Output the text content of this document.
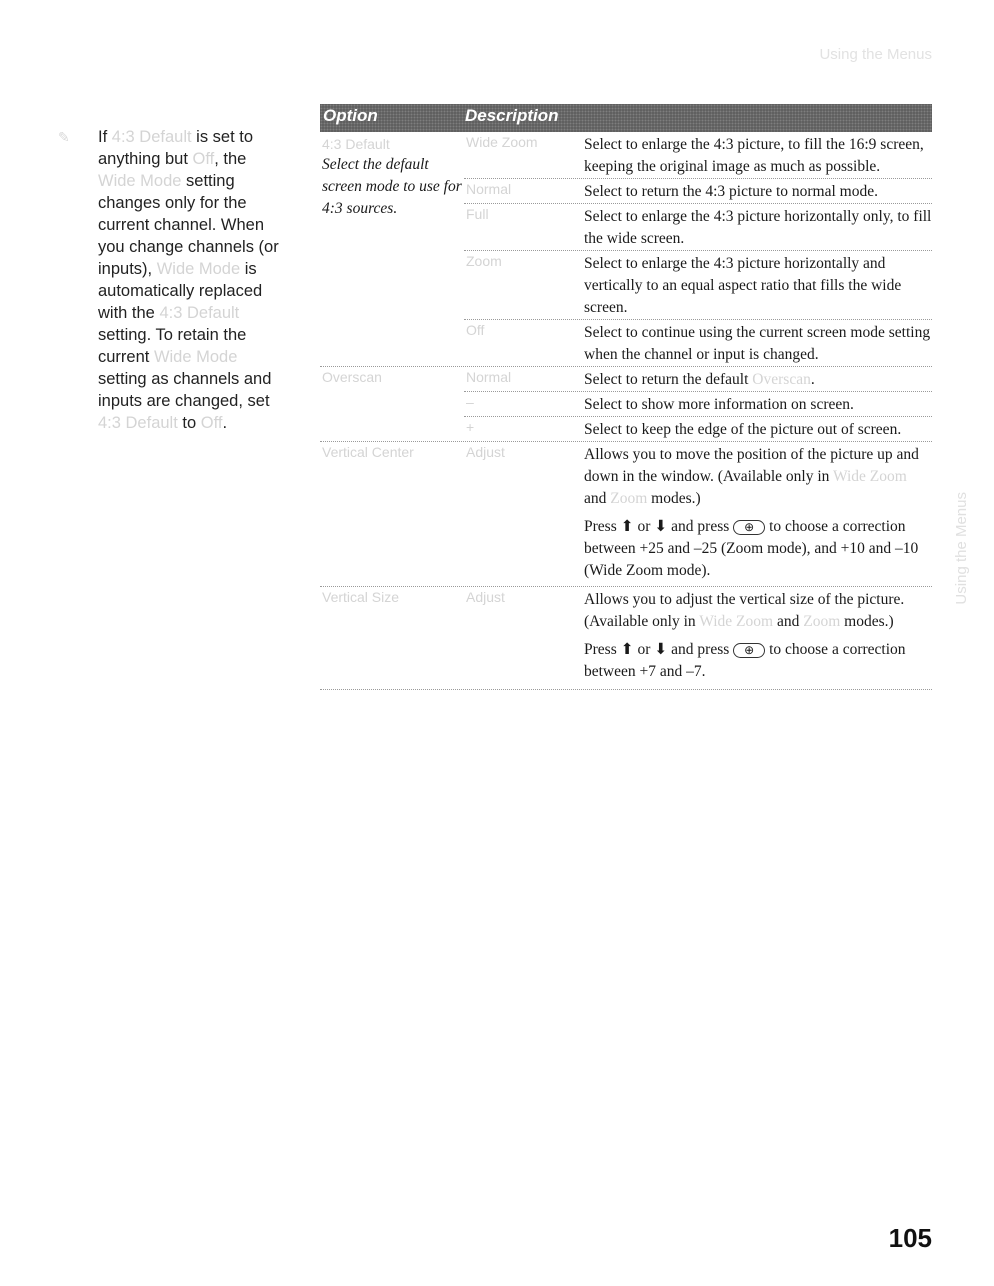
Using the Menus
Using the Menus
✎ If 4:3 Default is set to anything but Off, the Wide Mode setting changes only for the current channel. When you change channels (or inputs), Wide Mode is automatically replaced with the 4:3 Default setting. To retain the current Wide Mode setting as channels and inputs are changed, set 4:3 Default to Off.

Option	Description
4:3 Default
Select the default screen mode to use for 4:3 sources.
Wide Zoom	Select to enlarge the 4:3 picture, to fill the 16:9 screen, keeping the original image as much as possible.
Normal	Select to return the 4:3 picture to normal mode.
Full	Select to enlarge the 4:3 picture horizontally only, to fill the wide screen.
Zoom	Select to enlarge the 4:3 picture horizontally and vertically to an equal aspect ratio that fills the wide screen.
Off	Select to continue using the current screen mode setting when the channel or input is changed.
Overscan	Normal	Select to return the default Overscan.
–	Select to show more information on screen.
+	Select to keep the edge of the picture out of screen.
Vertical Center	Adjust	Allows you to move the position of the picture up and down in the window. (Available only in Wide Zoom and Zoom modes.)

Press ⬆ or ⬇ and press ⊕ to choose a correction between +25 and –25 (Zoom mode), and +10 and –10 (Wide Zoom mode).

Vertical Size	Adjust	Allows you to adjust the vertical size of the picture. (Available only in Wide Zoom and Zoom modes.)

Press ⬆ or ⬇ and press ⊕ to choose a correction between +7 and –7.

105
